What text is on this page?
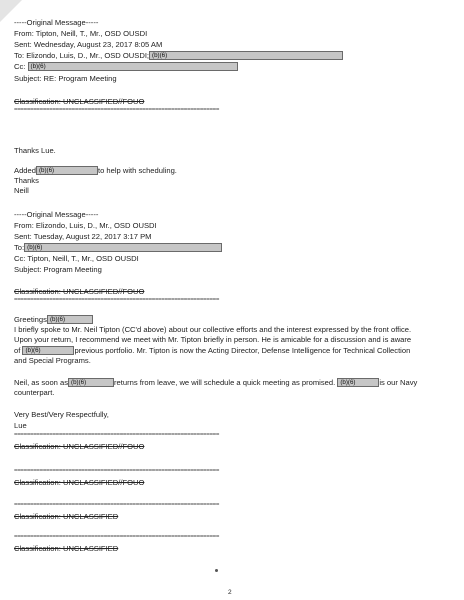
-----Original Message-----
From: Tipton, Neill, T., Mr., OSD OUSDI
Sent: Wednesday, August 23, 2017 8:05 AM
To: Elizondo, Luis, D., Mr., OSD OUSDI; (b)(6)
Cc: (b)(6)
Subject: RE: Program Meeting
Classification: UNCLASSIFIED//FOUO
================================================================
Thanks Lue.
Added (b)(6)	to help with scheduling.
Thanks
Neill
-----Original Message-----
From: Elizondo, Luis, D., Mr., OSD OUSDI
Sent: Tuesday, August 22, 2017 3:17 PM
To: (b)(6)
Cc: Tipton, Neill, T., Mr., OSD OUSDI
Subject: Program Meeting
Classification: UNCLASSIFIED//FOUO
================================================================
Greetings (b)(6)
I briefly spoke to Mr. Neil Tipton (CC'd above) about our collective efforts and the interest expressed by the front office.
Upon your return, I recommend we meet with Mr. Tipton briefly in person. He is amicable for a discussion and is aware
of (b)(6)	previous portfolio. Mr. Tipton is now the Acting Director, Defense Intelligence for Technical Collection
and Special Programs.
Neil, as soon as (b)(6)	returns from leave, we will schedule a quick meeting as promised. (b)(6)	is our Navy
counterpart.
Very Best/Very Respectfully,
Lue
================================================================
Classification: UNCLASSIFIED//FOUO
================================================================
Classification: UNCLASSIFIED//FOUO
================================================================
Classification: UNCLASSIFIED
================================================================
Classification: UNCLASSIFIED
2
